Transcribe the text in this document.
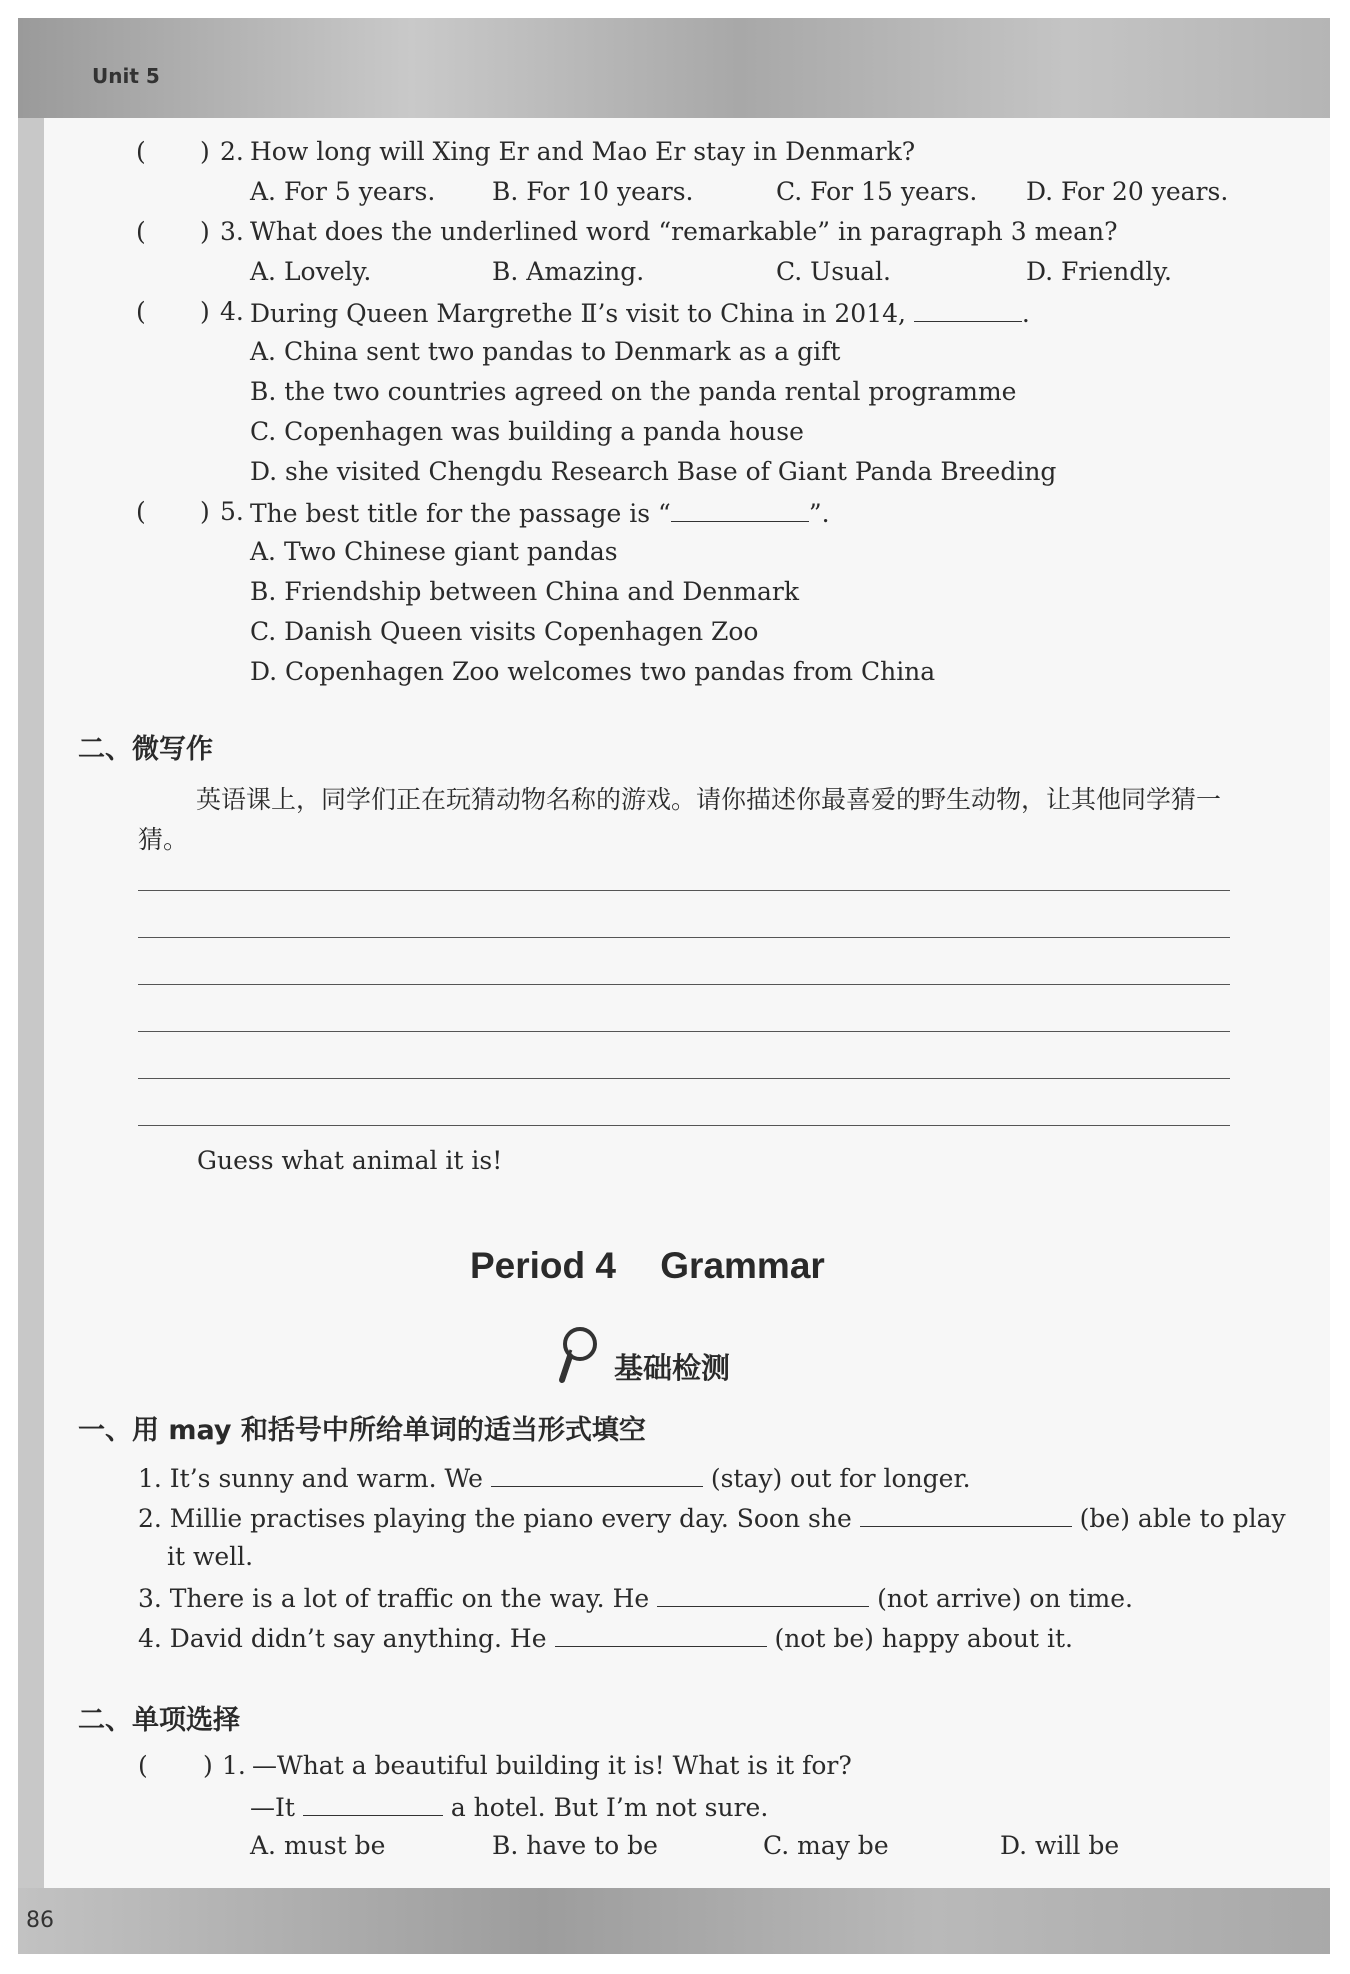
Unit 5
( ) 2. How long will Xing Er and Mao Er stay in Denmark?
A. For 5 years. B. For 10 years.	C. For 15 years. D. For 20 years.
( ) 3. What does the underlined word “remarkable” in paragraph 3 mean?
A. Lovely.	B. Amazing.	C. Usual.	D. Friendly.
( ) 4. During Queen Margrethe Ⅱ’s visit to China in 2014,	.
A. China sent two pandas to Denmark as a gift
B. the two countries agreed on the panda rental programme
C. Copenhagen was building a panda house
D. she visited Chengdu Research Base of Giant Panda Breeding
( ) 5. The best title for the passage is “	”.
A. Two Chinese giant pandas
B. Friendship between China and Denmark
C. Danish Queen visits Copenhagen Zoo
D. Copenhagen Zoo welcomes two pandas from China
二、微写作
英语课上，同学们正在玩猜动物名称的游戏。请你描述你最喜爱的野生动物，让其他同学猜一猜。
Guess what animal it is!
Period 4 Grammar
基础检测
一、用 may 和括号中所给单词的适当形式填空
1. It’s sunny and warm. We	(stay) out for longer.
2. Millie practises playing the piano every day. Soon she	(be) able to play
it well.
3. There is a lot of traffic on the way. He	(not arrive) on time.
4. David didn’t say anything. He	(not be) happy about it.
二、单项选择
( ) 1. —What a beautiful building it is! What is it for?
—It	a hotel. But I’m not sure.
A. must be	B. have to be	C. may be	D. will be
86
